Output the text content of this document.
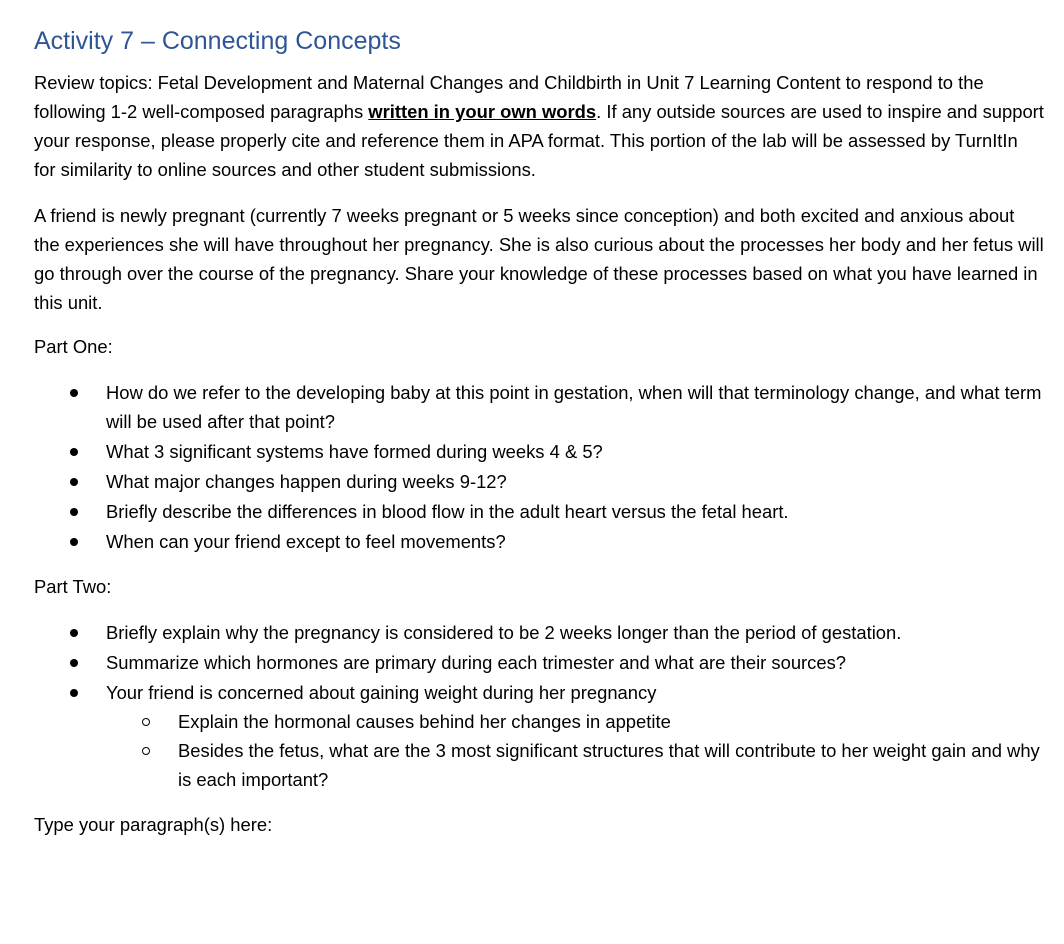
Activity 7 – Connecting Concepts

Review topics: Fetal Development and Maternal Changes and Childbirth in Unit 7 Learning Content to respond to the following 1-2 well-composed paragraphs written in your own words. If any outside sources are used to inspire and support your response, please properly cite and reference them in APA format. This portion of the lab will be assessed by TurnItIn for similarity to online sources and other student submissions.

A friend is newly pregnant (currently 7 weeks pregnant or 5 weeks since conception) and both excited and anxious about the experiences she will have throughout her pregnancy. She is also curious about the processes her body and her fetus will go through over the course of the pregnancy. Share your knowledge of these processes based on what you have learned in this unit.

Part One:

How do we refer to the developing baby at this point in gestation, when will that terminology change, and what term will be used after that point?
What 3 significant systems have formed during weeks 4 & 5?
What major changes happen during weeks 9-12?
Briefly describe the differences in blood flow in the adult heart versus the fetal heart.
When can your friend except to feel movements?

Part Two:

Briefly explain why the pregnancy is considered to be 2 weeks longer than the period of gestation.
Summarize which hormones are primary during each trimester and what are their sources?
Your friend is concerned about gaining weight during her pregnancy
Explain the hormonal causes behind her changes in appetite
Besides the fetus, what are the 3 most significant structures that will contribute to her weight gain and why is each important?

Type your paragraph(s) here:
